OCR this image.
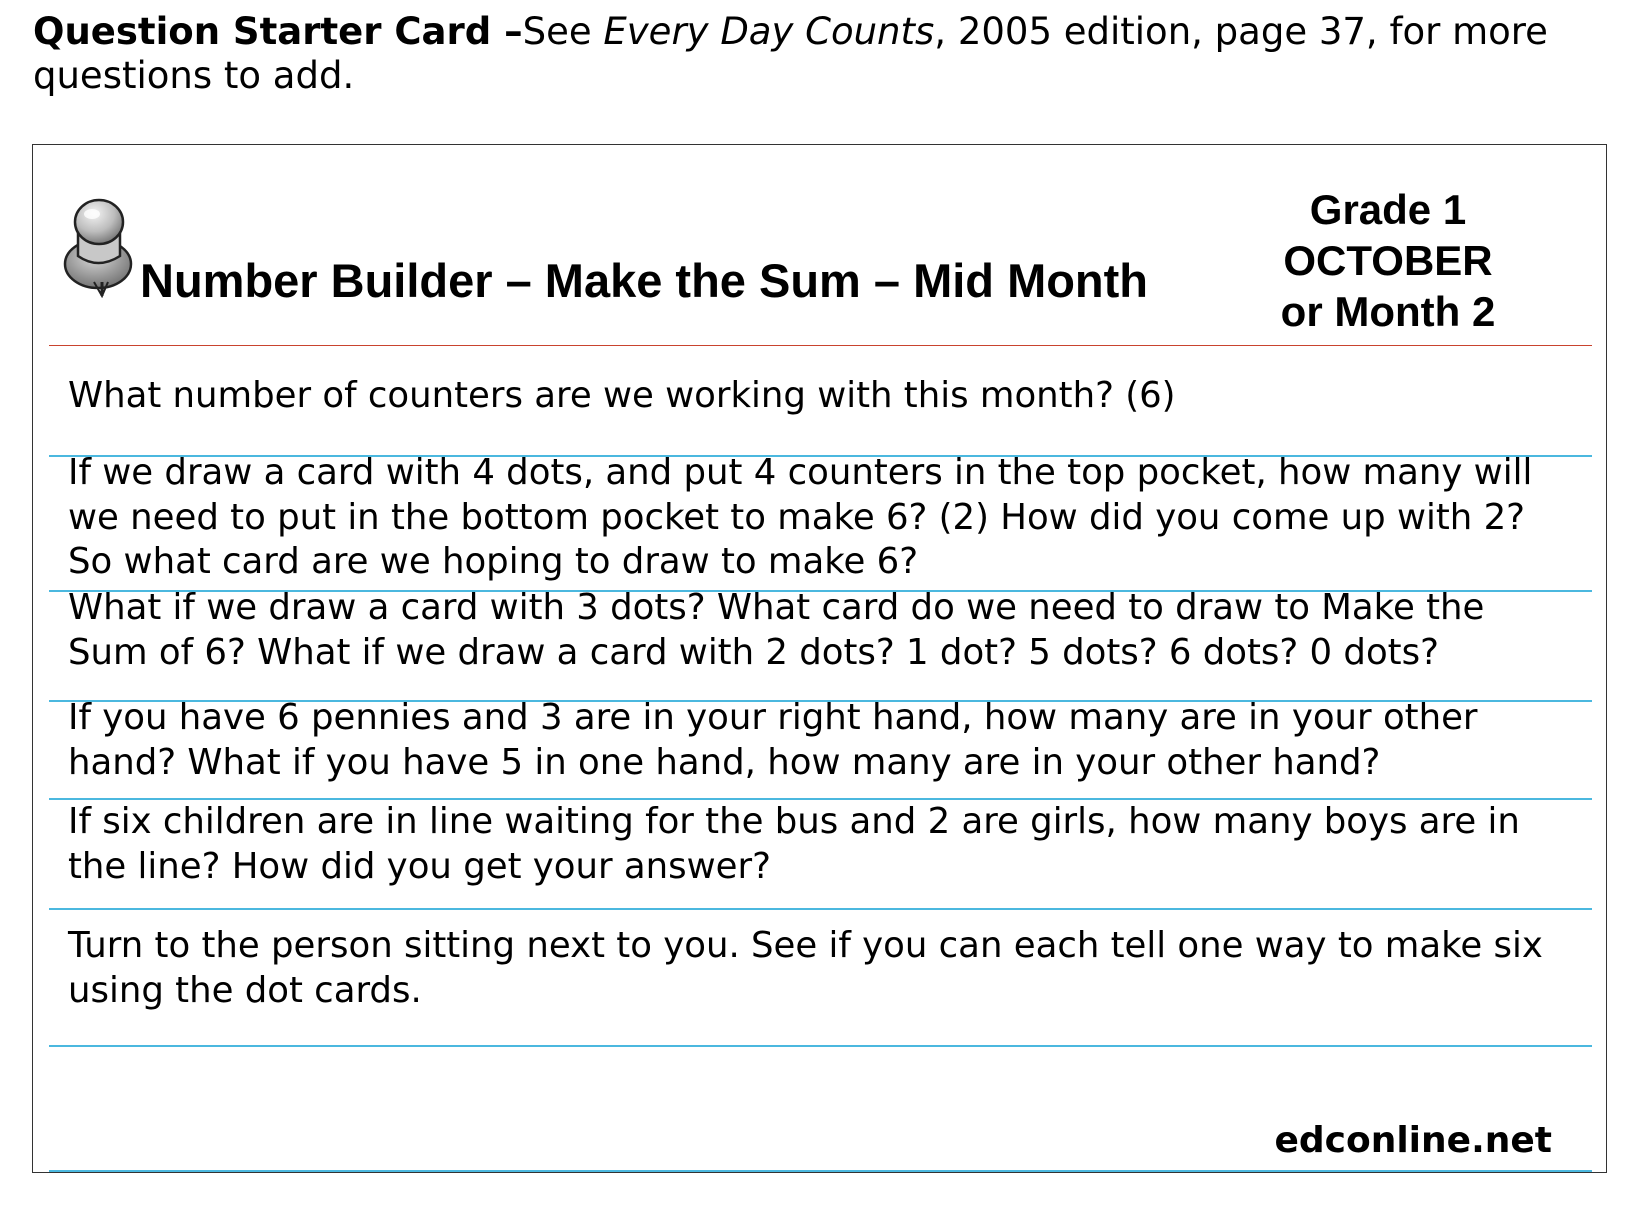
Question Starter Card –See Every Day Counts, 2005 edition, page 37, for more questions to add.

Number Builder – Make the Sum – Mid Month

Grade 1
OCTOBER
or Month 2

What number of counters are we working with this month? (6)

If we draw a card with 4 dots, and put 4 counters in the top pocket, how many will we need to put in the bottom pocket to make 6? (2) How did you come up with 2? So what card are we hoping to draw to make 6?

What if we draw a card with 3 dots? What card do we need to draw to Make the Sum of 6? What if we draw a card with 2 dots? 1 dot? 5 dots? 6 dots? 0 dots?

If you have 6 pennies and 3 are in your right hand, how many are in your other hand? What if you have 5 in one hand, how many are in your other hand?

If six children are in line waiting for the bus and 2 are girls, how many boys are in the line? How did you get your answer?

Turn to the person sitting next to you. See if you can each tell one way to make six using the dot cards.

edconline.net
